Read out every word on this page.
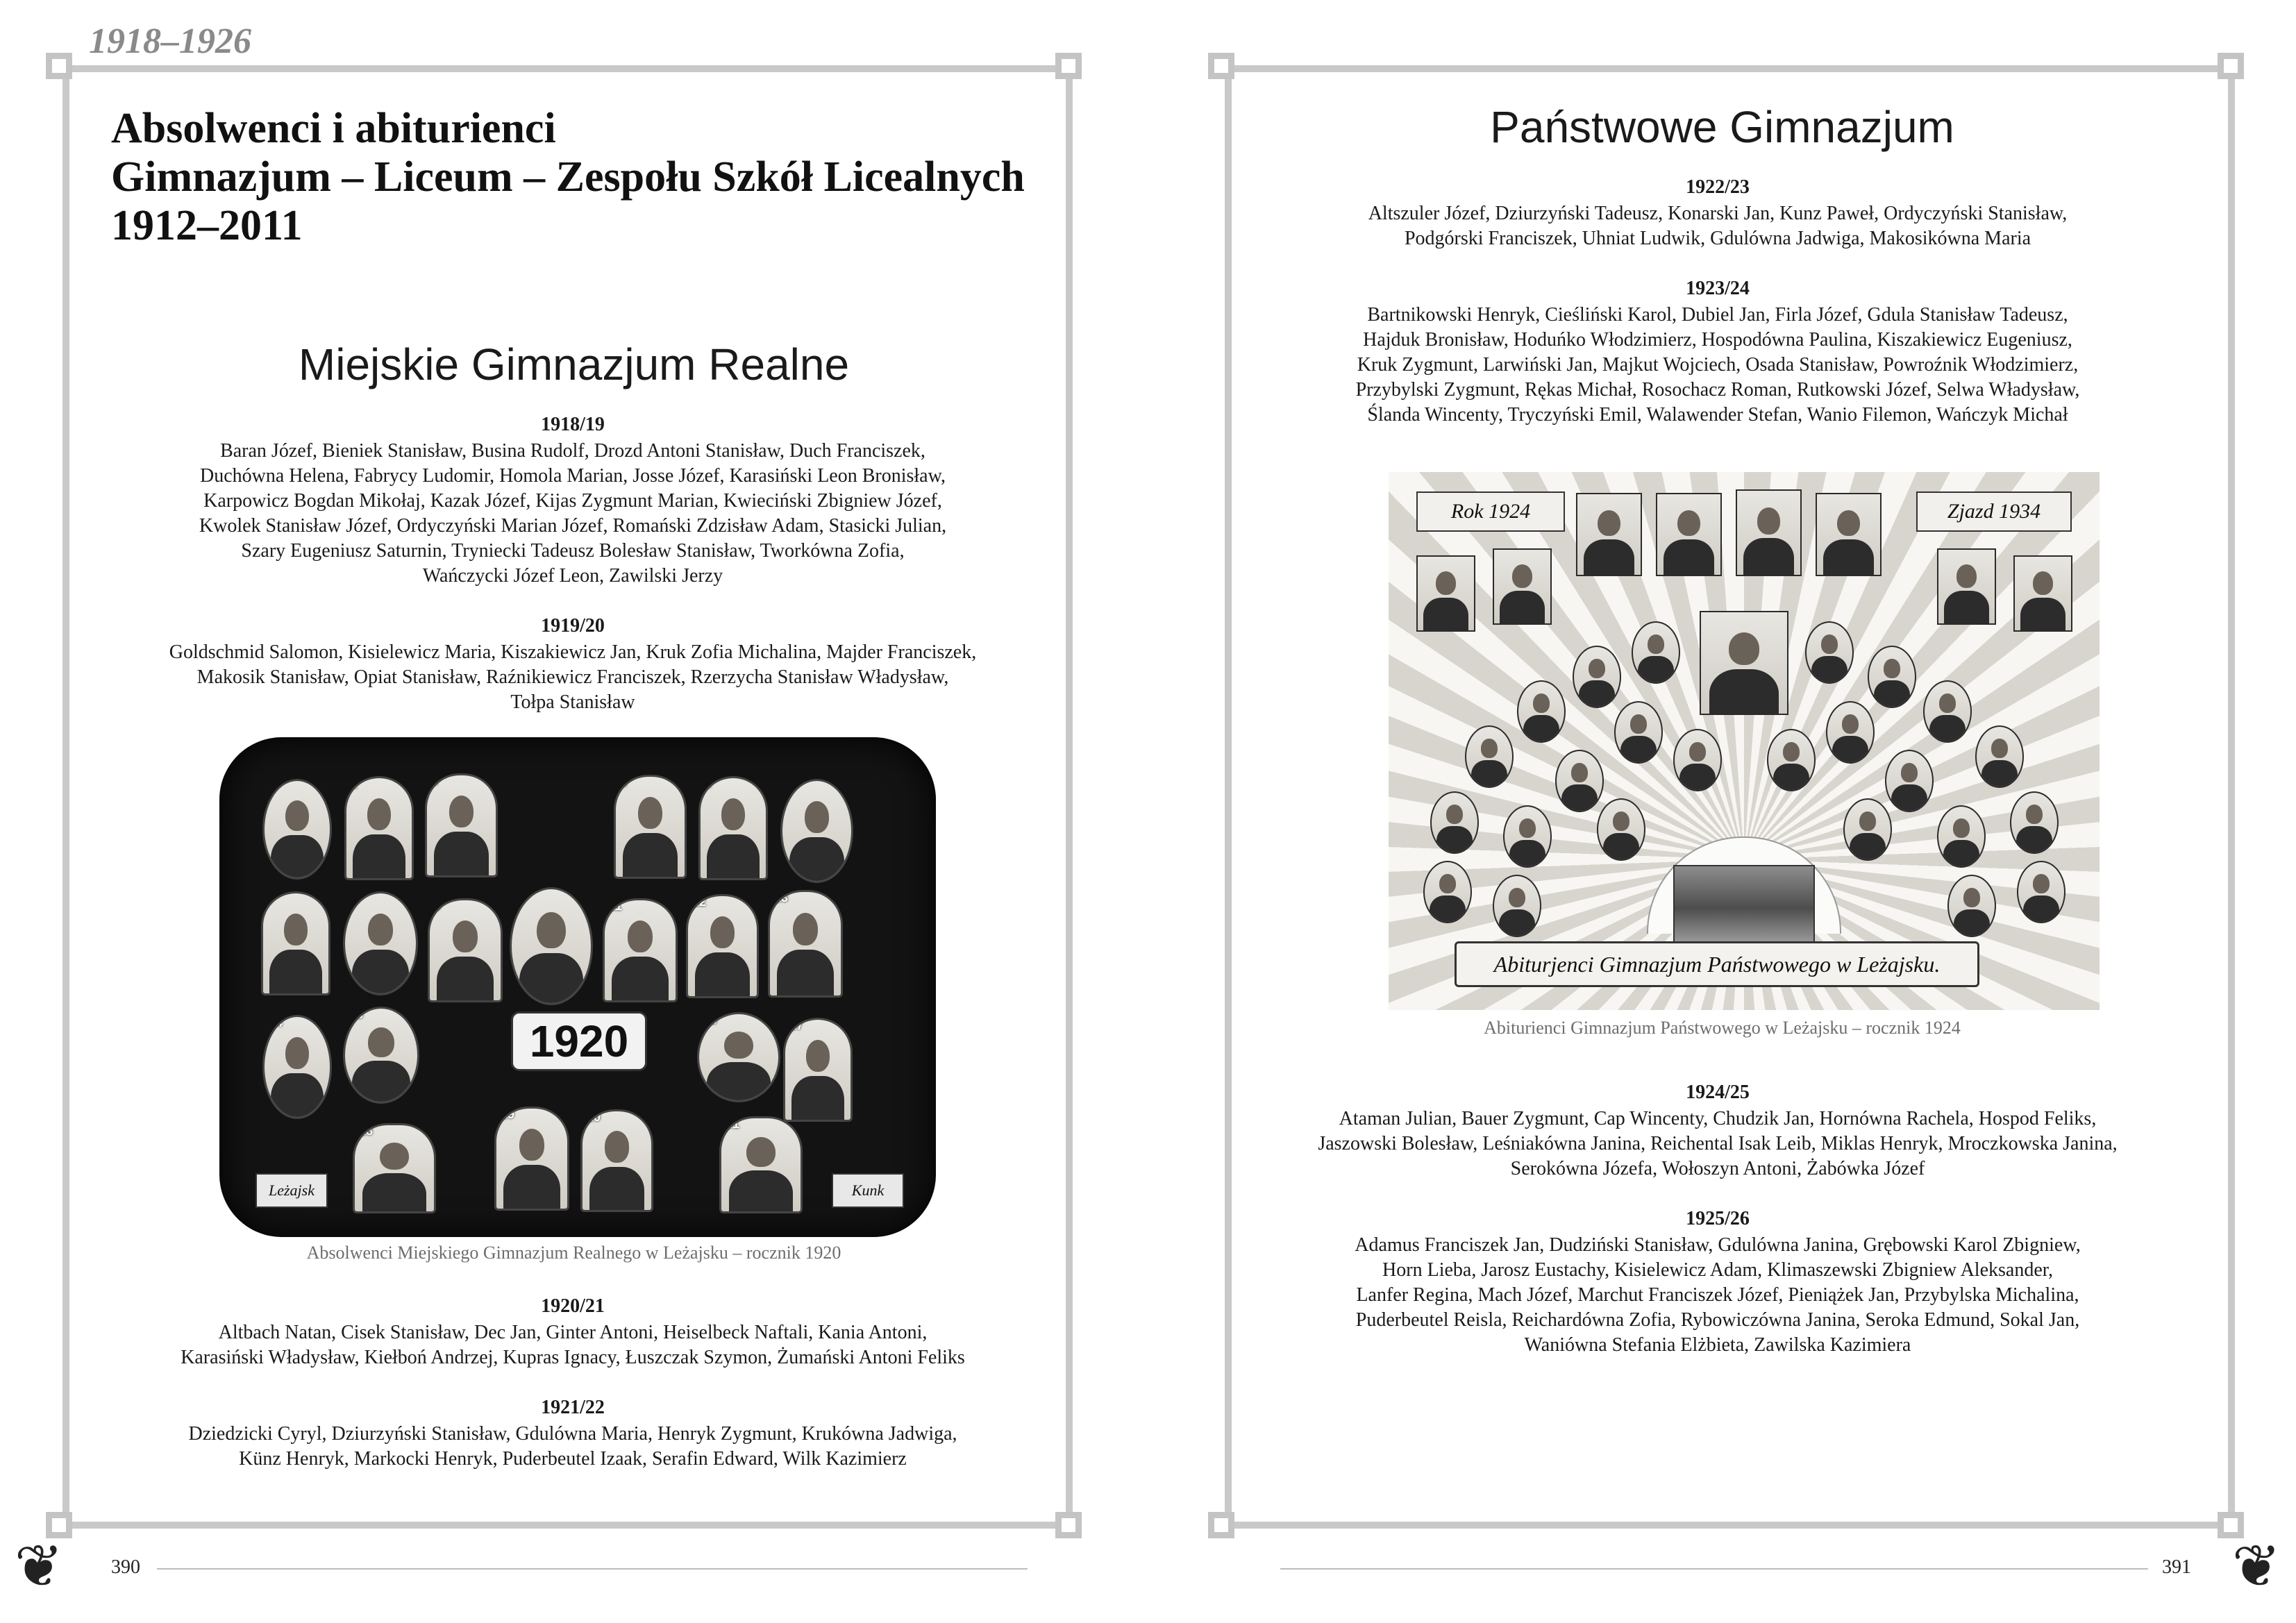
1918–1926
Absolwenci i abiturienci
Gimnazjum – Liceum – Zespołu Szkół Licealnych
1912–2011
Miejskie Gimnazjum Realne
1918/19
Baran Józef, Bieniek Stanisław, Busina Rudolf, Drozd Antoni Stanisław, Duch Franciszek,
Duchówna Helena, Fabrycy Ludomir, Homola Marian, Josse Józef, Karasiński Leon Bronisław,
Karpowicz Bogdan Mikołaj, Kazak Józef, Kijas Zygmunt Marian, Kwieciński Zbigniew Józef,
Kwolek Stanisław Józef, Ordyczyński Marian Józef, Romański Zdzisław Adam, Stasicki Julian,
Szary Eugeniusz Saturnin, Tryniecki Tadeusz Bolesław Stanisław, Tworkówna Zofia,
Wańczycki Józef Leon, Zawilski Jerzy
1919/20
Goldschmid Salomon, Kisielewicz Maria, Kiszakiewicz Jan, Kruk Zofia Michalina, Majder Franciszek,
Makosik Stanisław, Opiat Stanisław, Raźnikiewicz Franciszek, Rzerzycha Stanisław Władysław,
Tołpa Stanisław
1	2	3	4	5	6
7	8	9
10
11	12	13
14
15
1920	16	17
18
19	20	21
Leżajsk	Kunk
Absolwenci Miejskiego Gimnazjum Realnego w Leżajsku – rocznik 1920
1920/21
Altbach Natan, Cisek Stanisław, Dec Jan, Ginter Antoni, Heiselbeck Naftali, Kania Antoni,
Karasiński Władysław, Kiełboń Andrzej, Kupras Ignacy, Łuszczak Szymon, Żumański Antoni Feliks
1921/22
Dziedzicki Cyryl, Dziurzyński Stanisław, Gdulówna Maria, Henryk Zygmunt, Krukówna Jadwiga,
Künz Henryk, Markocki Henryk, Puderbeutel Izaak, Serafin Edward, Wilk Kazimierz
❦	390
Państwowe Gimnazjum
1922/23
Altszuler Józef, Dziurzyński Tadeusz, Konarski Jan, Kunz Paweł, Ordyczyński Stanisław,
Podgórski Franciszek, Uhniat Ludwik, Gdulówna Jadwiga, Makosikówna Maria
1923/24
Bartnikowski Henryk, Cieśliński Karol, Dubiel Jan, Firla Józef, Gdula Stanisław Tadeusz,
Hajduk Bronisław, Hoduńko Włodzimierz, Hospodówna Paulina, Kiszakiewicz Eugeniusz,
Kruk Zygmunt, Larwiński Jan, Majkut Wojciech, Osada Stanisław, Powroźnik Włodzimierz,
Przybylski Zygmunt, Rękas Michał, Rosochacz Roman, Rutkowski Józef, Selwa Władysław,
Ślanda Wincenty, Tryczyński Emil, Walawender Stefan, Wanio Filemon, Wańczyk Michał
Rok 1924	Zjazd 1934
Abiturjenci Gimnazjum Państwowego w Leżajsku.
Abiturienci Gimnazjum Państwowego w Leżajsku – rocznik 1924
1924/25
Ataman Julian, Bauer Zygmunt, Cap Wincenty, Chudzik Jan, Hornówna Rachela, Hospod Feliks,
Jaszowski Bolesław, Leśniakówna Janina, Reichental Isak Leib, Miklas Henryk, Mroczkowska Janina,
Serokówna Józefa, Wołoszyn Antoni, Żabówka Józef
1925/26
Adamus Franciszek Jan, Dudziński Stanisław, Gdulówna Janina, Grębowski Karol Zbigniew,
Horn Lieba, Jarosz Eustachy, Kisielewicz Adam, Klimaszewski Zbigniew Aleksander,
Lanfer Regina, Mach Józef, Marchut Franciszek Józef, Pieniążek Jan, Przybylska Michalina,
Puderbeutel Reisla, Reichardówna Zofia, Rybowiczówna Janina, Seroka Edmund, Sokal Jan,
Waniówna Stefania Elżbieta, Zawilska Kazimiera
391 ❦
